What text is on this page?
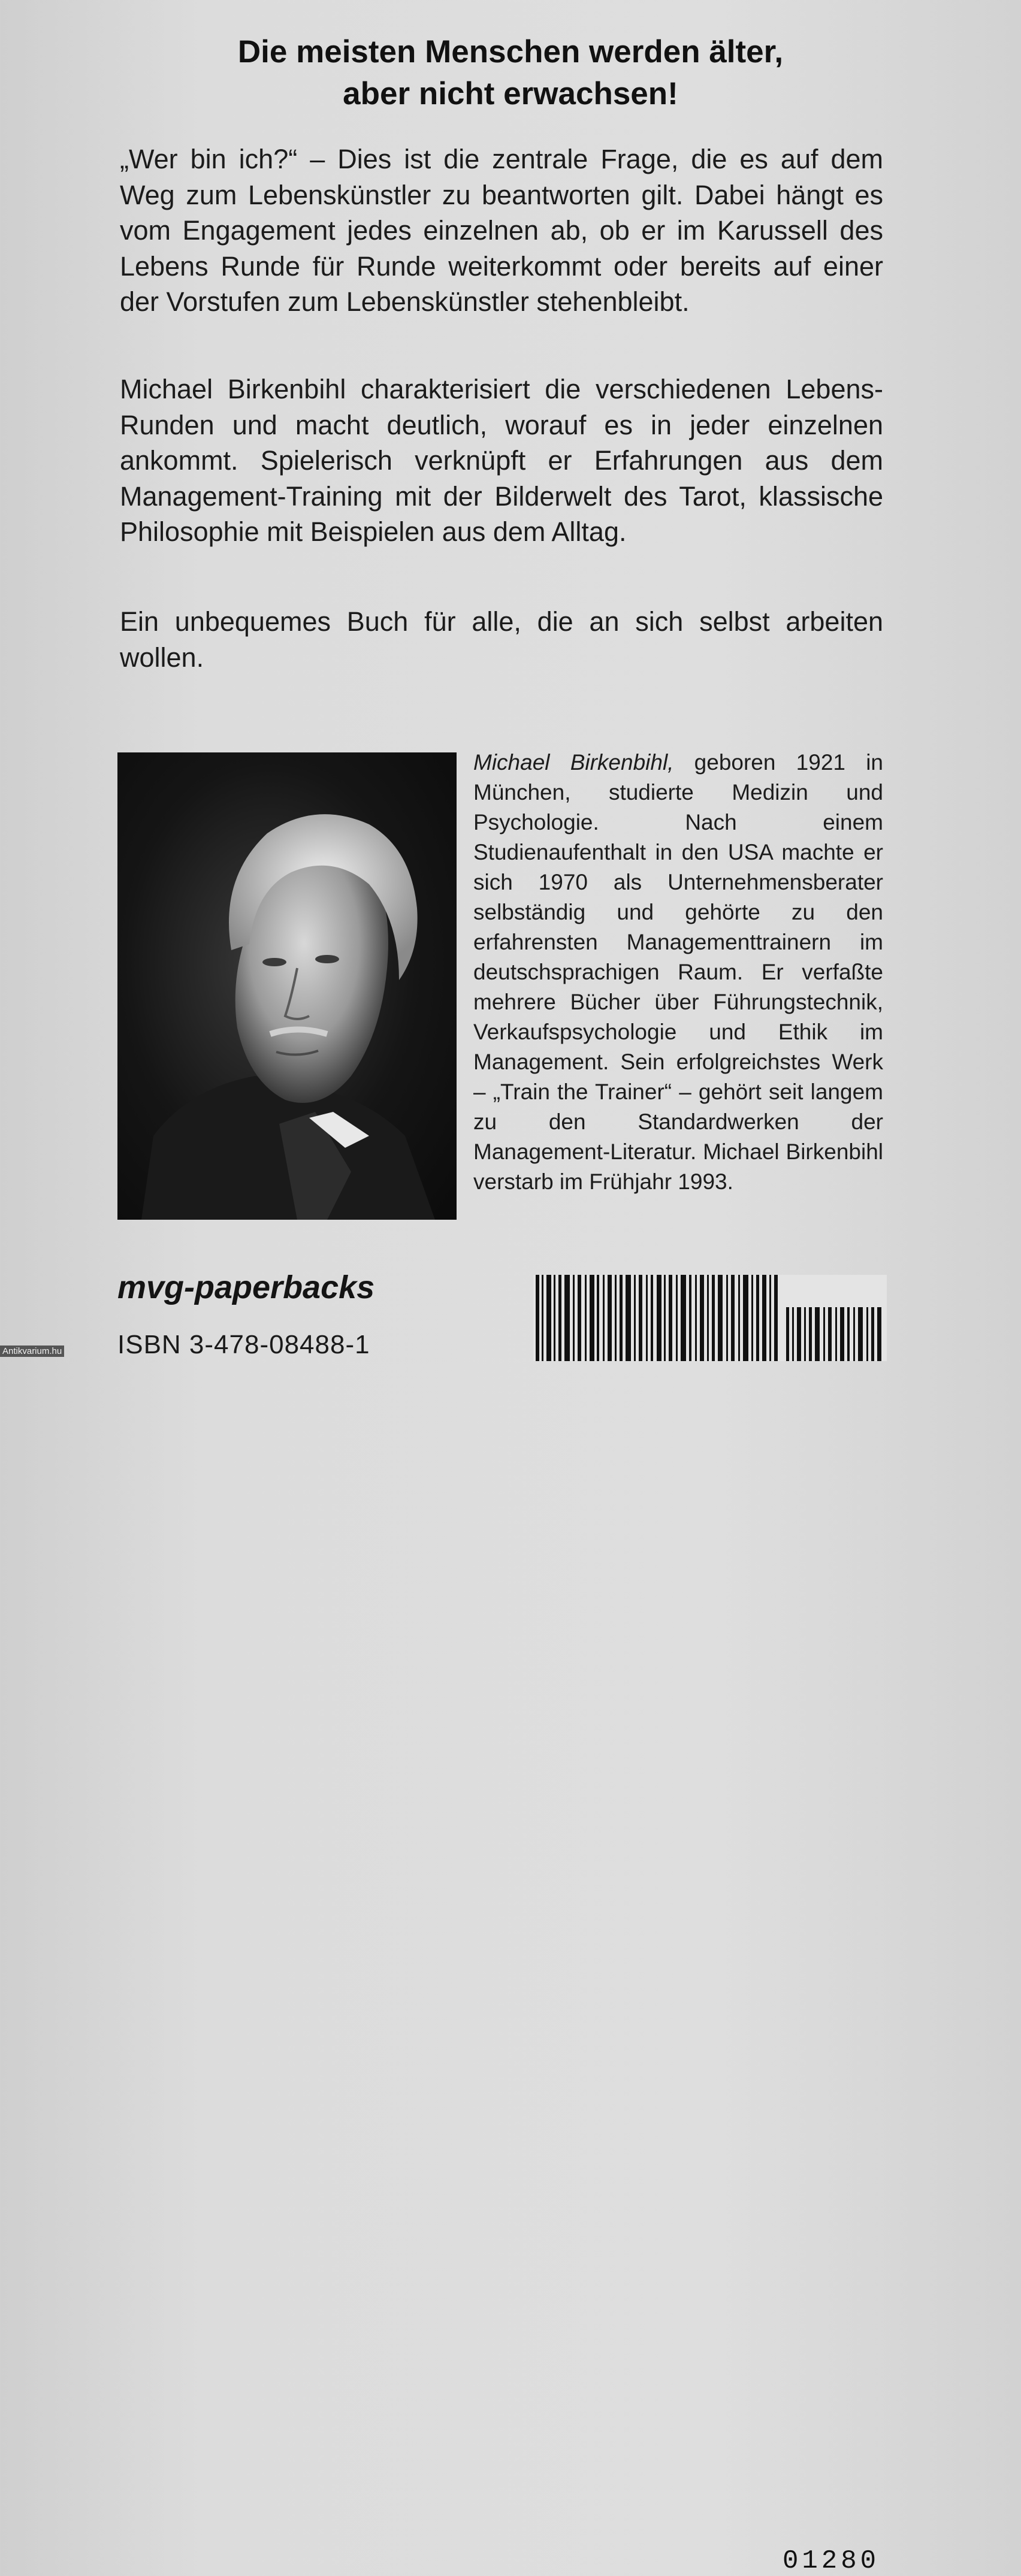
Die meisten Menschen werden älter,
aber nicht erwachsen!
„Wer bin ich?“ – Dies ist die zentrale Frage, die es auf dem Weg zum Lebenskünstler zu beantworten gilt. Dabei hängt es vom Engagement jedes einzelnen ab, ob er im Karussell des Lebens Runde für Runde weiterkommt oder bereits auf einer der Vorstufen zum Lebenskünstler stehenbleibt.
Michael Birkenbihl charakterisiert die verschiedenen Lebens-Runden und macht deutlich, worauf es in jeder einzelnen ankommt. Spielerisch verknüpft er Erfahrungen aus dem Management-Training mit der Bilderwelt des Tarot, klassische Philosophie mit Beispielen aus dem Alltag.
Ein unbequemes Buch für alle, die an sich selbst arbeiten wollen.
Michael Birkenbihl, geboren 1921 in München, studierte Medizin und Psychologie. Nach einem Studienaufenthalt in den USA machte er sich 1970 als Unternehmensberater selbständig und gehörte zu den erfahrensten Managementtrainern im deutschsprachigen Raum. Er verfaßte mehrere Bücher über Führungstechnik, Verkaufspsychologie und Ethik im Management. Sein erfolgreichstes Werk – „Train the Trainer“ – gehört seit langem zu den Standardwerken der Management-Literatur. Michael Birkenbihl verstarb im Frühjahr 1993.
mvg-paperbacks
ISBN 3-478-08488-1
01280
Antikvarium.hu
